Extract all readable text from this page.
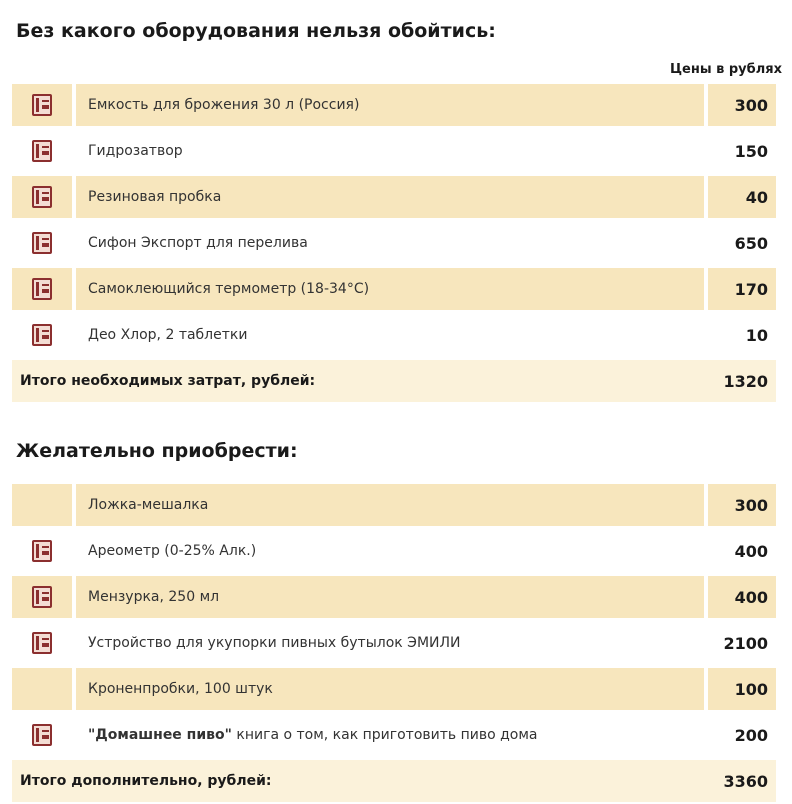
Без какого оборудования нельзя обойтись:
Цены в рублях
Емкость для брожения 30 л (Россия)	300
Гидрозатвор	150
Резиновая пробка	40
Сифон Экспорт для перелива	650
Самоклеющийся термометр (18-34°С)	170
Део Хлор, 2 таблетки	10
Итого необходимых затрат, рублей:	1320
Желательно приобрести:
Ложка-мешалка	300
Ареометр (0-25% Алк.)	400
Мензурка, 250 мл	400
Устройство для укупорки пивных бутылок ЭМИЛИ	2100
Кроненпробки, 100 штук	100
"Домашнее пиво" книга о том, как приготовить пиво дома	200
Итого дополнительно, рублей:	3360
